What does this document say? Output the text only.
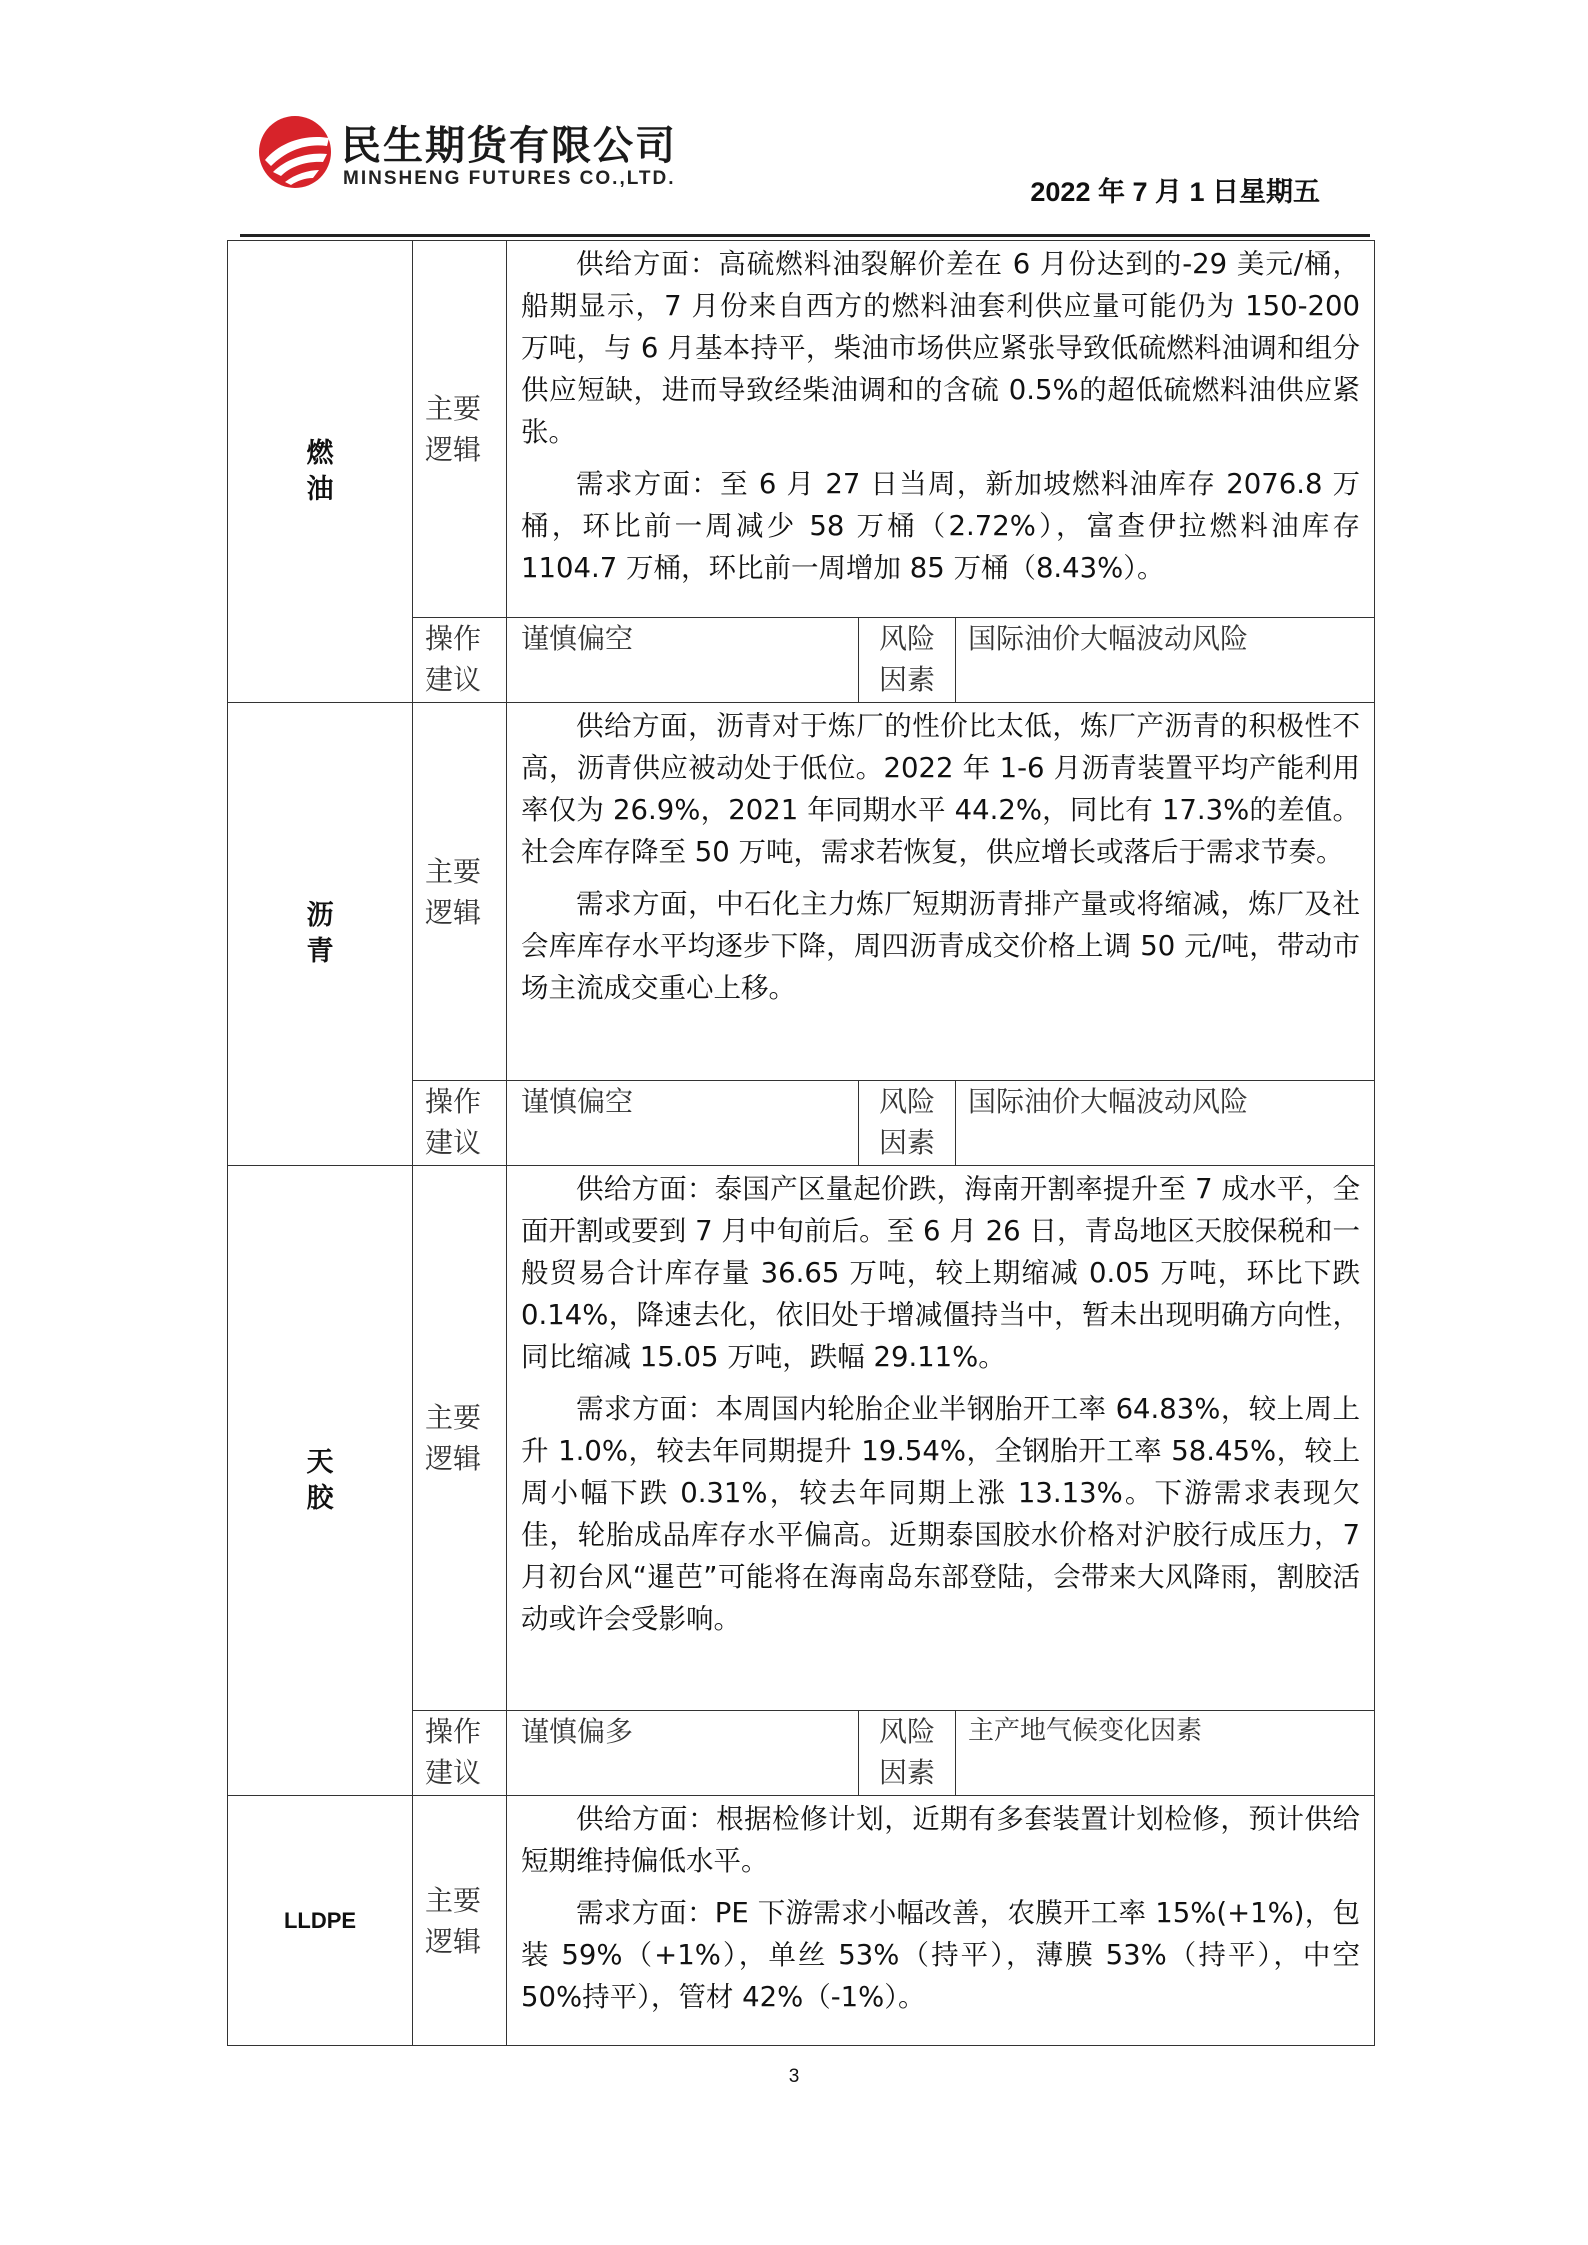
民生期货有限公司
MINSHENG FUTURES CO.,LTD.	2022 年 7 月 1 日星期五
燃油	主要逻辑	供给方面：高硫燃料油裂解价差在 6 月份达到的-29 美元/桶，船期显示，7 月份来自西方的燃料油套利供应量可能仍为 150-200 万吨，与 6 月基本持平，柴油市场供应紧张导致低硫燃料油调和组分供应短缺，进而导致经柴油调和的含硫 0.5%的超低硫燃料油供应紧张。

需求方面：至 6 月 27 日当周，新加坡燃料油库存 2076.8 万桶，环比前一周减少 58 万桶（2.72%），富查伊拉燃料油库存 1104.7 万桶，环比前一周增加 85 万桶（8.43%）。		

	操作建议	谨慎偏空	风险因素	国际油价大幅波动风险

沥青	主要逻辑	供给方面，沥青对于炼厂的性价比太低，炼厂产沥青的积极性不高，沥青供应被动处于低位。2022 年 1-6 月沥青装置平均产能利用率仅为 26.9%，2021 年同期水平 44.2%，同比有 17.3%的差值。社会库存降至 50 万吨，需求若恢复，供应增长或落后于需求节奏。

需求方面，中石化主力炼厂短期沥青排产量或将缩减，炼厂及社会库库存水平均逐步下降，周四沥青成交价格上调 50 元/吨，带动市场主流成交重心上移。		

	操作建议	谨慎偏空	风险因素	国际油价大幅波动风险

天胶	主要逻辑	供给方面：泰国产区量起价跌，海南开割率提升至 7 成水平，全面开割或要到 7 月中旬前后。至 6 月 26 日，青岛地区天胶保税和一般贸易合计库存量 36.65 万吨，较上期缩减 0.05 万吨，环比下跌 0.14%，降速去化，依旧处于增减僵持当中，暂未出现明确方向性，同比缩减 15.05 万吨，跌幅 29.11%。

需求方面：本周国内轮胎企业半钢胎开工率 64.83%，较上周上升 1.0%，较去年同期提升 19.54%，全钢胎开工率 58.45%，较上周小幅下跌 0.31%，较去年同期上涨 13.13%。下游需求表现欠佳，轮胎成品库存水平偏高。近期泰国胶水价格对沪胶行成压力，7 月初台风“暹芭”可能将在海南岛东部登陆，会带来大风降雨，割胶活动或许会受影响。		

	操作建议	谨慎偏多	风险因素	主产地气候变化因素

LLDPE	主要逻辑	供给方面：根据检修计划，近期有多套装置计划检修，预计供给短期维持偏低水平。

需求方面：PE 下游需求小幅改善，农膜开工率 15%(+1%)，包装 59%（+1%），单丝 53%（持平），薄膜 53%（持平），中空 50%持平），管材 42%（-1%）。		

3
